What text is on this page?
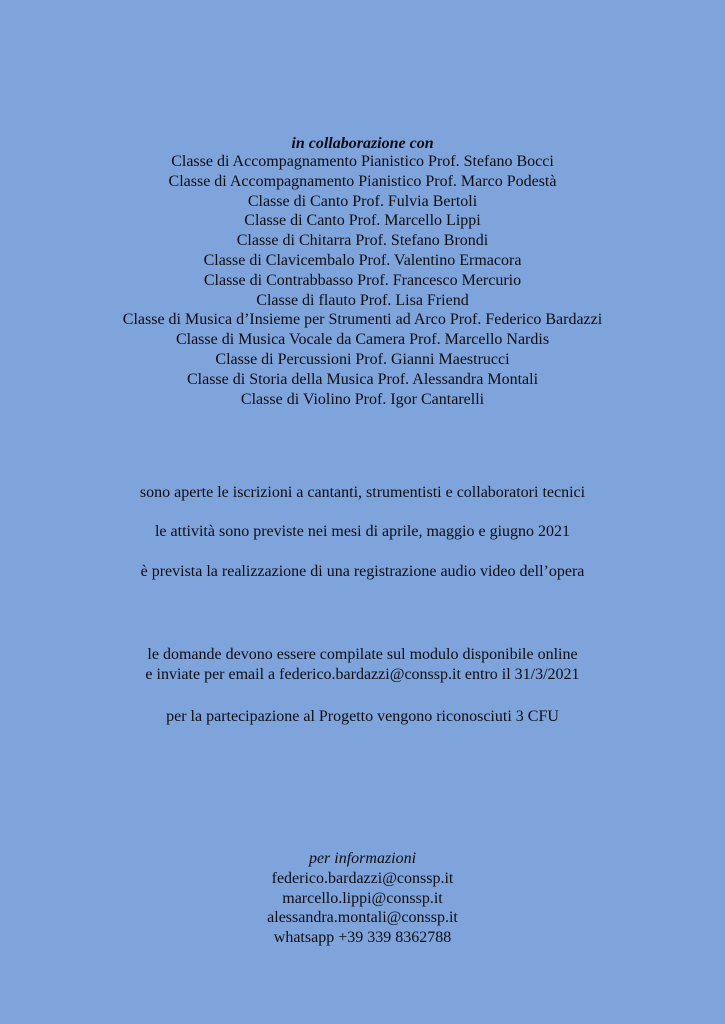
in collaborazione con
Classe di Accompagnamento Pianistico Prof. Stefano Bocci
Classe di Accompagnamento Pianistico Prof. Marco Podestà
Classe di Canto Prof. Fulvia Bertoli
Classe di Canto Prof. Marcello Lippi
Classe di Chitarra Prof. Stefano Brondi
Classe di Clavicembalo Prof. Valentino Ermacora
Classe di Contrabbasso Prof. Francesco Mercurio
Classe di flauto Prof. Lisa Friend
Classe di Musica d’Insieme per Strumenti ad Arco Prof. Federico Bardazzi
Classe di Musica Vocale da Camera Prof. Marcello Nardis
Classe di Percussioni Prof. Gianni Maestrucci
Classe di Storia della Musica Prof. Alessandra Montali
Classe di Violino Prof. Igor Cantarelli
sono aperte le iscrizioni a cantanti, strumentisti e collaboratori tecnici
le attività sono previste nei mesi di aprile, maggio e giugno 2021
è prevista la realizzazione di una registrazione audio video dell’opera
le domande devono essere compilate sul modulo disponibile online
e inviate per email a federico.bardazzi@conssp.it entro il 31/3/2021
per la partecipazione al Progetto vengono riconosciuti 3 CFU
per informazioni
federico.bardazzi@conssp.it
marcello.lippi@conssp.it
alessandra.montali@conssp.it
whatsapp +39 339 8362788
